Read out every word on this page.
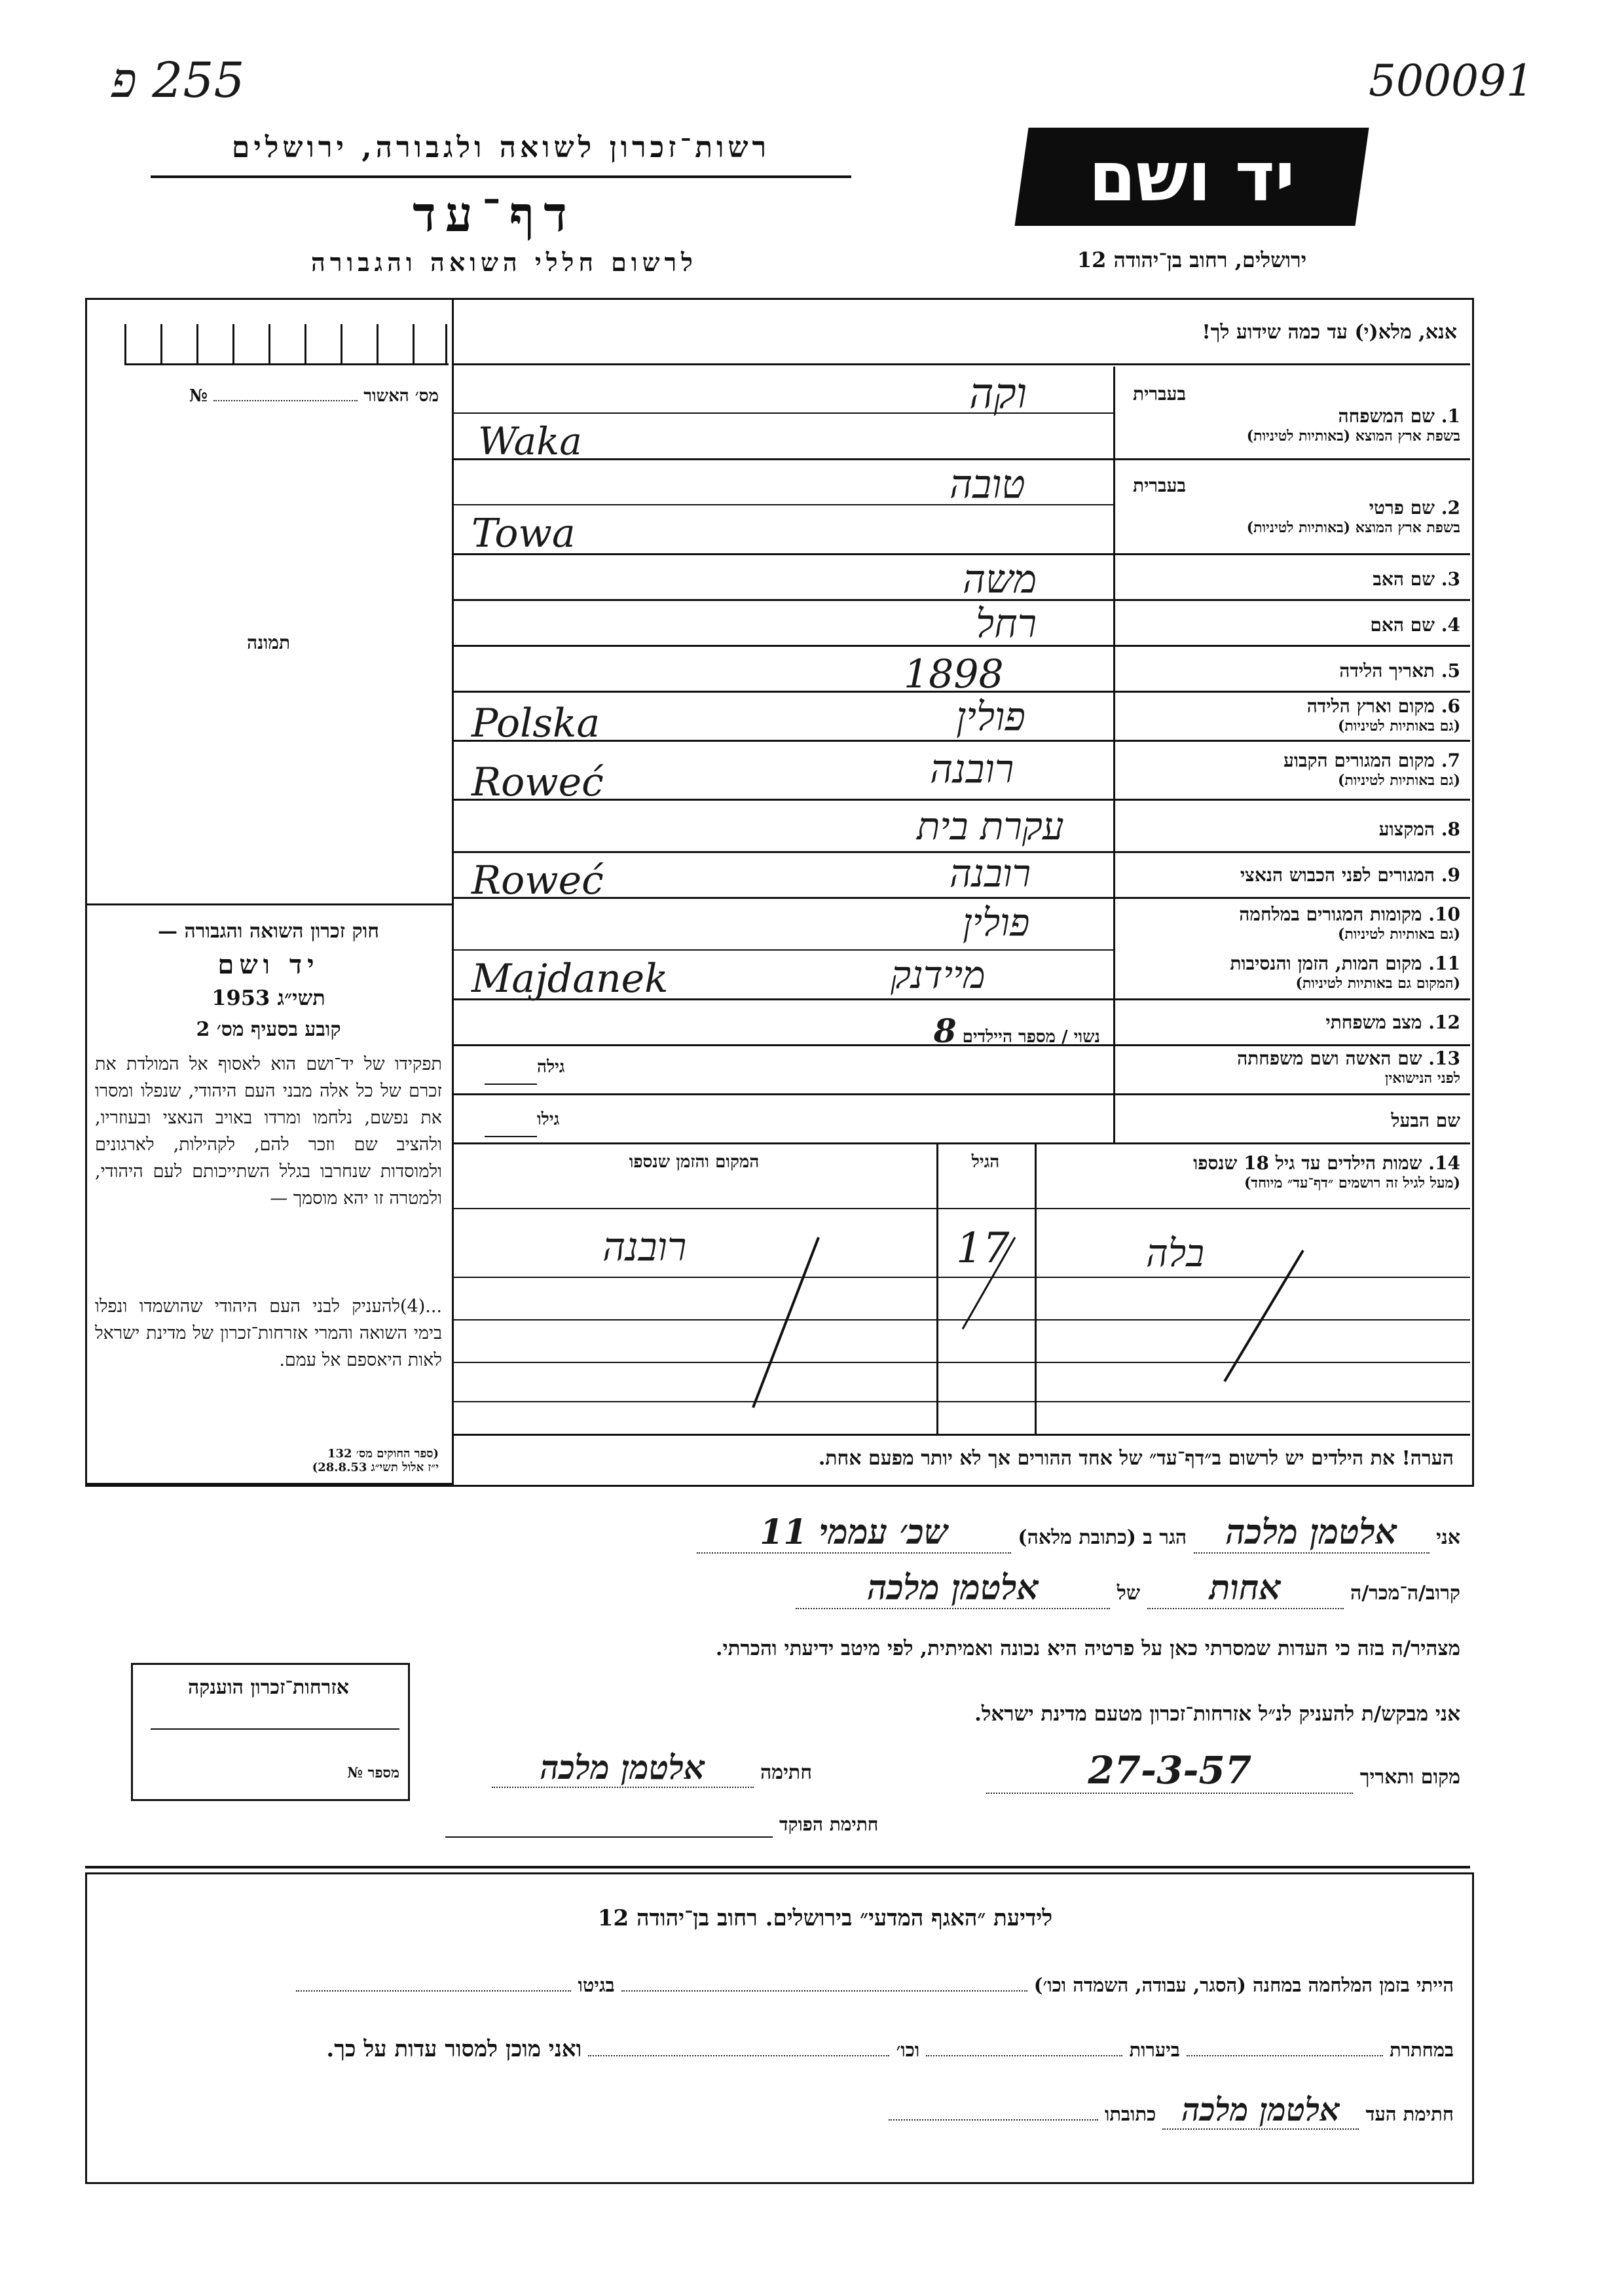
255 פ	500091
רשות־זכרון לשואה ולגבורה, ירושלים
דף־עד
לרשום חללי השואה והגבורה
יד ושם
ירושלים, רחוב בן־יהודה 12
אנא, מלא(י) עד כמה שידוע לך!
מס׳ האשור  №
תמונה
בעברית
1. שם המשפחה
בשפת ארץ המוצא (באותיות לטיניות)
וקה
Waka
בעברית
2. שם פרטי
בשפת ארץ המוצא (באותיות לטיניות)
טובה
Towa
3. שם האב
משה
4. שם האם
רחל
5. תאריך הלידה
1898
6. מקום וארץ הלידה
(גם באותיות לטיניות)
פולין
Polska
7. מקום המגורים הקבוע
(גם באותיות לטיניות)
רובנה
Roweć
8. המקצוע
עקרת בית
9. המגורים לפני הכבוש הנאצי
רובנה
Roweć
10. מקומות המגורים במלחמה
(גם באותיות לטיניות)
פולין
11. מקום המות, הזמן והנסיבות
(המקום גם באותיות לטיניות)
מיידנק
Majdanek
12. מצב משפחתי
נשוי / מספר היילדים 8
13. שם האשה ושם משפחתה
לפני הנישואין
גילה
שם הבעל
גילו
14. שמות הילדים עד גיל 18 שנספו
(מעל לגיל זה רושמים ״דף־עד״ מיוחד)
הגיל
המקום והזמן שנספו
בלה
17
רובנה
הערה! את הילדים יש לרשום ב״דף־עד״ של אחד ההורים אך לא יותר מפעם אחת.
חוק זכרון השואה והגבורה —
יד ושם
תשי״ג 1953
קובע בסעיף מס׳ 2
תפקידו של יד־ושם הוא לאסוף אל המולדת את זכרם של כל אלה מבני העם היהודי, שנפלו ומסרו את נפשם, נלחמו ומרדו באויב הנאצי ובעוזריו, ולהציב שם וזכר להם, לקהילות, לארגונים ולמוסדות שנחרבו בגלל השתייכותם לעם היהודי, ולמטרה זו יהא מוסמך —
...(4)להעניק לבני העם היהודי שהושמדו ונפלו בימי השואה והמרי אזרחות־זכרון של מדינת ישראל לאות היאספם אל עמם.
(ספר החוקים מס׳ 132
י״ז אלול תשי״ג 28.8.53)
אני אלטמן מלכה הגר ב (כתובת מלאה) שכ׳ עממי 11
קרוב/ה־מכר/ה אחות של אלטמן מלכה
מצהיר/ה בזה כי העדות שמסרתי כאן על פרטיה היא נכונה ואמיתית, לפי מיטב ידיעתי והכרתי.
אני מבקש/ת להעניק לנ״ל אזרחות־זכרון מטעם מדינת ישראל.
מקום ותאריך 27-3-57
חתימה אלטמן מלכה
חתימת הפוקד
אזרחות־זכרון הוענקה
מספר №
לידיעת ״האגף המדעי״ בירושלים. רחוב בן־יהודה 12
הייתי בזמן המלחמה במחנה (הסגר, עבודה, השמדה וכו׳)  בגיטו
במחתרת  ביערות  וכו׳  ואני מוכן למסור עדות על כך.
חתימת העד אלטמן מלכה כתובתו
